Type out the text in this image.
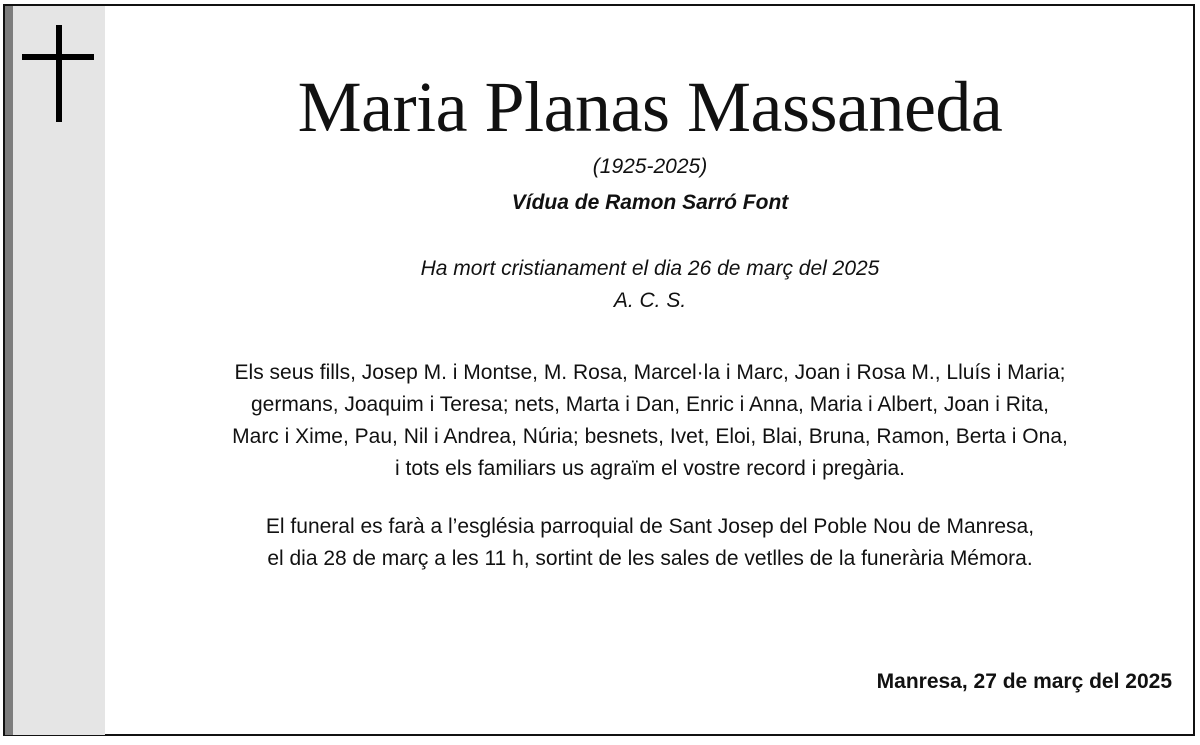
Maria Planas Massaneda
(1925-2025)
Vídua de Ramon Sarró Font
Ha mort cristianament el dia 26 de març del 2025
A. C. S.
Els seus fills, Josep M. i Montse, M. Rosa, Marcel·la i Marc, Joan i Rosa M., Lluís i Maria;
germans, Joaquim i Teresa; nets, Marta i Dan, Enric i Anna, Maria i Albert, Joan i Rita,
Marc i Xime, Pau, Nil i Andrea, Núria; besnets, Ivet, Eloi, Blai, Bruna, Ramon, Berta i Ona,
i tots els familiars us agraïm el vostre record i pregària.
El funeral es farà a l’església parroquial de Sant Josep del Poble Nou de Manresa,
el dia 28 de març a les 11 h, sortint de les sales de vetlles de la funerària Mémora.
Manresa, 27 de març del 2025
